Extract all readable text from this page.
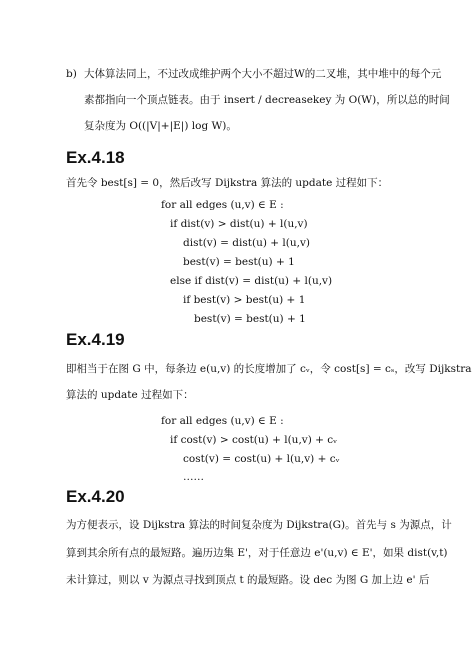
b) 大体算法同上，不过改成维护两个大小不超过W的二叉堆，其中堆中的每个元
素都指向一个顶点链表。由于 insert / decreasekey 为 O(W)，所以总的时间
复杂度为 O((|V|+|E|) log W)。
Ex.4.18
首先令 best[s] = 0，然后改写 Dijkstra 算法的 update 过程如下：
for all edges (u,v) ∈ E :
if dist(v) > dist(u) + l(u,v)
dist(v) = dist(u) + l(u,v)
best(v) = best(u) + 1
else if dist(v) = dist(u) + l(u,v)
if best(v) > best(u) + 1
best(v) = best(u) + 1
Ex.4.19
即相当于在图 G 中，每条边 e(u,v) 的长度增加了 cᵥ，令 cost[s] = cₛ，改写 Dijkstra
算法的 update 过程如下：
for all edges (u,v) ∈ E :
if cost(v) > cost(u) + l(u,v) + cᵥ
cost(v) = cost(u) + l(u,v) + cᵥ
……
Ex.4.20
为方便表示，设 Dijkstra 算法的时间复杂度为 Dijkstra(G)。首先与 s 为源点，计
算到其余所有点的最短路。遍历边集 E'，对于任意边 e'(u,v) ∈ E'，如果 dist(v,t)
未计算过，则以 v 为源点寻找到顶点 t 的最短路。设 dec 为图 G 加上边 e' 后
